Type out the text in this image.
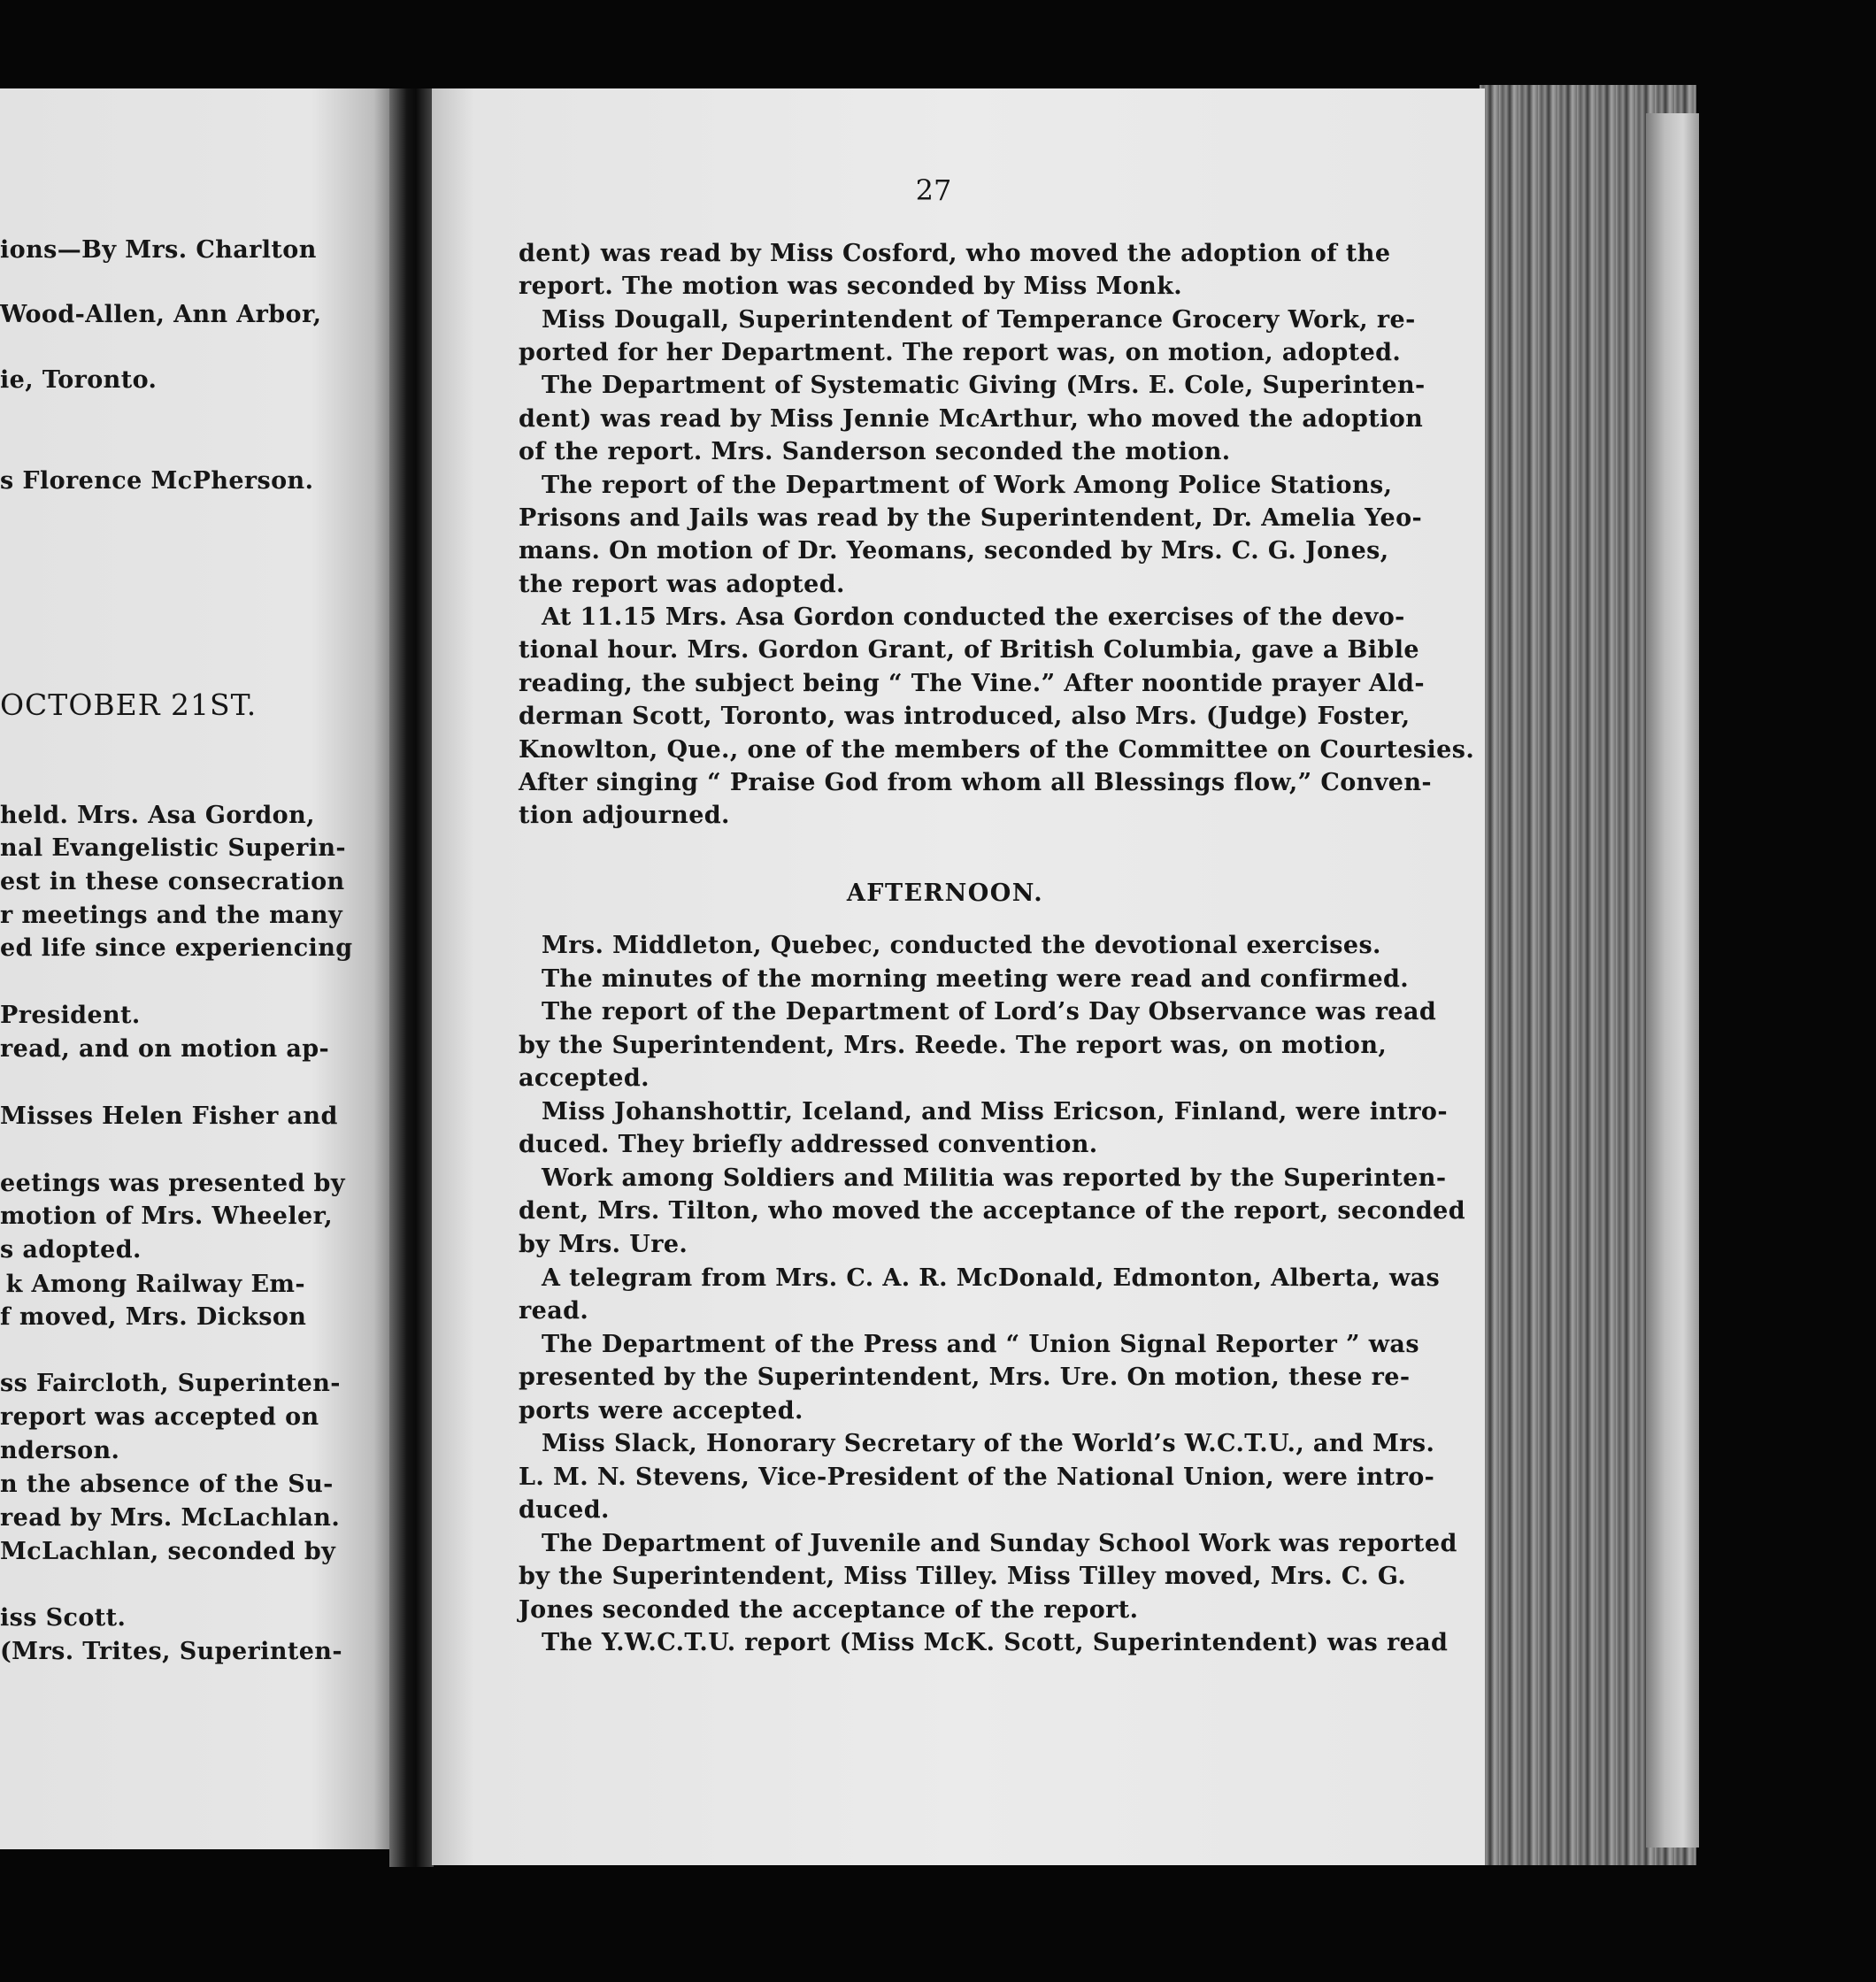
ions—By Mrs. Charlton
Wood-Allen, Ann Arbor,
ie, Toronto.
s Florence McPherson.
OCTOBER 21ST.
held. Mrs. Asa Gordon,
nal Evangelistic Superin-
est in these consecration
r meetings and the many
ed life since experiencing
President.
read, and on motion ap-
Misses Helen Fisher and
eetings was presented by
motion of Mrs. Wheeler,
s adopted.
k Among Railway Em-
f moved, Mrs. Dickson
ss Faircloth, Superinten-
report was accepted on
nderson.
n the absence of the Su-
read by Mrs. McLachlan.
McLachlan, seconded by
iss Scott.
(Mrs. Trites, Superinten-
27
dent) was read by Miss Cosford, who moved the adoption of the
report. The motion was seconded by Miss Monk.
Miss Dougall, Superintendent of Temperance Grocery Work, re-
ported for her Department. The report was, on motion, adopted.
The Department of Systematic Giving (Mrs. E. Cole, Superinten-
dent) was read by Miss Jennie McArthur, who moved the adoption
of the report. Mrs. Sanderson seconded the motion.
The report of the Department of Work Among Police Stations,
Prisons and Jails was read by the Superintendent, Dr. Amelia Yeo-
mans. On motion of Dr. Yeomans, seconded by Mrs. C. G. Jones,
the report was adopted.
At 11.15 Mrs. Asa Gordon conducted the exercises of the devo-
tional hour. Mrs. Gordon Grant, of British Columbia, gave a Bible
reading, the subject being “ The Vine.” After noontide prayer Ald-
derman Scott, Toronto, was introduced, also Mrs. (Judge) Foster,
Knowlton, Que., one of the members of the Committee on Courtesies.
After singing “ Praise God from whom all Blessings flow,” Conven-
tion adjourned.
AFTERNOON.
Mrs. Middleton, Quebec, conducted the devotional exercises.
The minutes of the morning meeting were read and confirmed.
The report of the Department of Lord’s Day Observance was read
by the Superintendent, Mrs. Reede. The report was, on motion,
accepted.
Miss Johanshottir, Iceland, and Miss Ericson, Finland, were intro-
duced. They briefly addressed convention.
Work among Soldiers and Militia was reported by the Superinten-
dent, Mrs. Tilton, who moved the acceptance of the report, seconded
by Mrs. Ure.
A telegram from Mrs. C. A. R. McDonald, Edmonton, Alberta, was
read.
The Department of the Press and “ Union Signal Reporter ” was
presented by the Superintendent, Mrs. Ure. On motion, these re-
ports were accepted.
Miss Slack, Honorary Secretary of the World’s W.C.T.U., and Mrs.
L. M. N. Stevens, Vice-President of the National Union, were intro-
duced.
The Department of Juvenile and Sunday School Work was reported
by the Superintendent, Miss Tilley. Miss Tilley moved, Mrs. C. G.
Jones seconded the acceptance of the report.
The Y.W.C.T.U. report (Miss McK. Scott, Superintendent) was read
